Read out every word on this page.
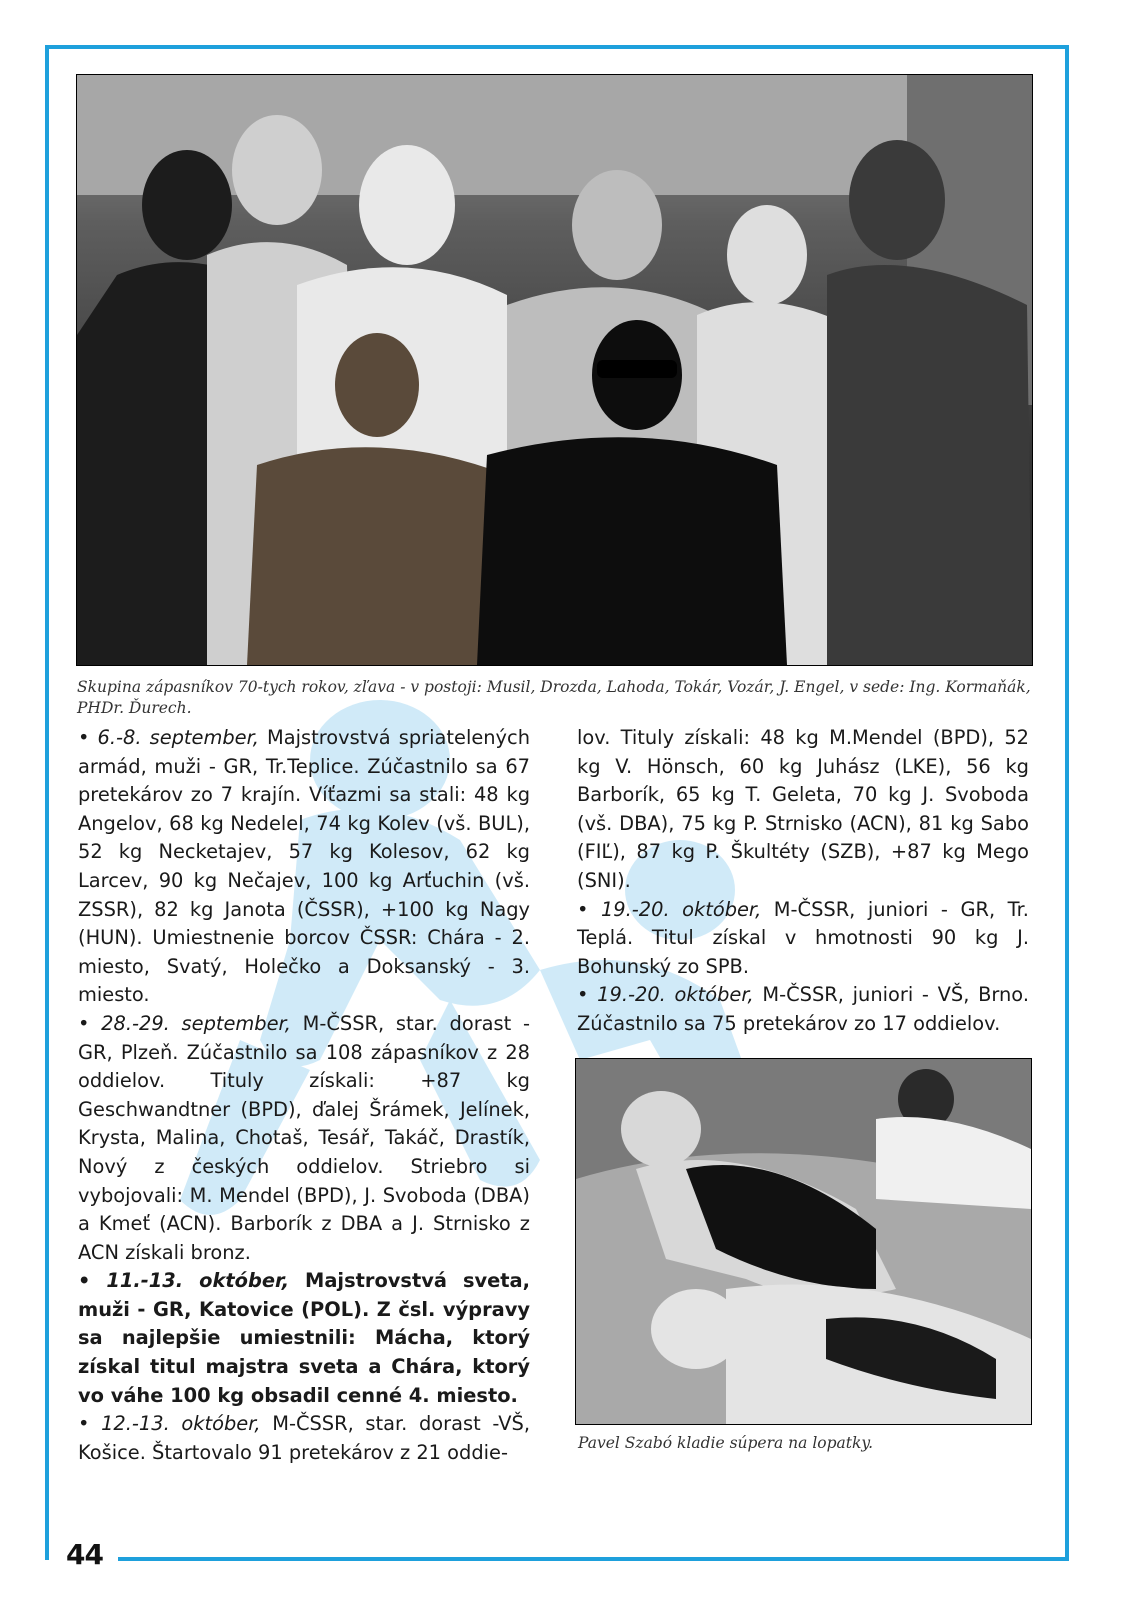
44
Skupina zápasníkov 70-tych rokov, zľava - v postoji: Musil, Drozda, Lahoda, Tokár, Vozár, J. Engel, v sede: Ing. Kormaňák, PHDr. Ďurech.

• 6.-8. september, Majstrovstvá spriatelených armád, muži - GR, Tr.Teplice. Zúčastnilo sa 67 pretekárov zo 7 krajín. Víťazmi sa stali: 48 kg Angelov, 68 kg Nedelel, 74 kg Kolev (vš. BUL), 52 kg Necketajev, 57 kg Kolesov, 62 kg Larcev, 90 kg Nečajev, 100 kg Arťuchin (vš. ZSSR), 82 kg Janota (ČSSR), +100 kg Nagy (HUN). Umiestnenie borcov ČSSR: Chára - 2. miesto, Svatý, Holečko a Doksanský - 3. miesto.

• 28.-29. september, M-ČSSR, star. dorast - GR, Plzeň. Zúčastnilo sa 108 zápasníkov z 28 oddielov. Tituly získali: +87 kg Geschwandtner (BPD), ďalej Šrámek, Jelínek, Krysta, Malina, Chotaš, Tesář, Takáč, Drastík, Nový z českých oddielov. Striebro si vybojovali: M. Mendel (BPD), J. Svoboda (DBA) a Kmeť (ACN). Barborík z DBA a J. Strnisko z ACN získali bronz.

• 11.-13. október, Majstrovstvá sveta, muži - GR, Katovice (POL). Z čsl. výpravy sa najlepšie umiestnili: Mácha, ktorý získal titul majstra sveta a Chára, ktorý vo váhe 100 kg obsadil cenné 4. miesto.

• 12.-13. október, M-ČSSR, star. dorast -VŠ, Košice. Štartovalo 91 pretekárov z 21 oddie-

lov. Tituly získali: 48 kg M.Mendel (BPD), 52 kg V. Hönsch, 60 kg Juhász (LKE), 56 kg Barborík, 65 kg T. Geleta, 70 kg J. Svoboda (vš. DBA), 75 kg P. Strnisko (ACN), 81 kg Sabo (FIĽ), 87 kg P. Škultéty (SZB), +87 kg Mego (SNI).

• 19.-20. október, M-ČSSR, juniori - GR, Tr. Teplá. Titul získal v hmotnosti 90 kg J. Bohunský zo SPB.

• 19.-20. október, M-ČSSR, juniori - VŠ, Brno. Zúčastnilo sa 75 pretekárov zo 17 oddielov.

Pavel Szabó kladie súpera na lopatky.
